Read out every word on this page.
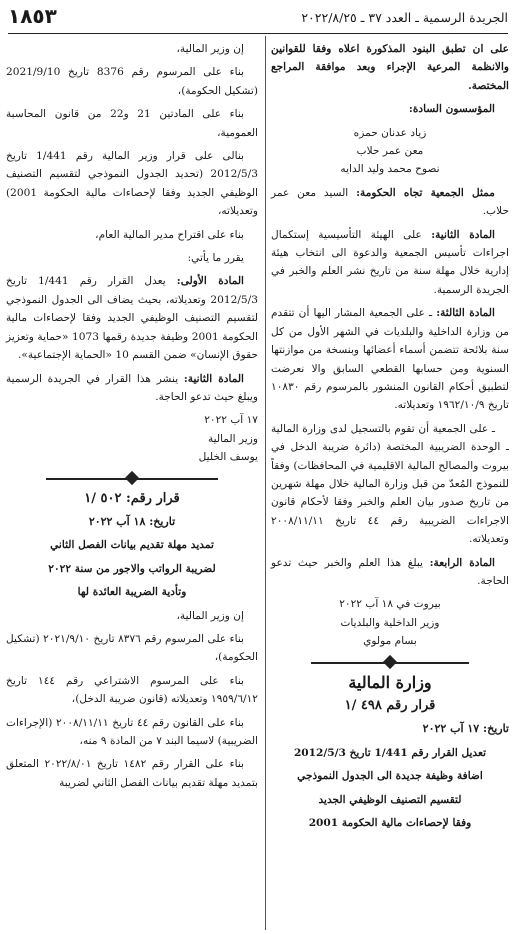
الجريدة الرسمية ـ العدد ٣٧ ـ ٢٠٢٢/٨/٢٥
١٨٥٣

على ان تطبق البنود المذكورة اعلاه وفقا للقوانين والانظمة المرعية الإجراء وبعد موافقة المراجع المختصة.

المؤسسون السادة:

زياد عدنان حمزه

معن عمر حلاب

نصوح محمد وليد الدايه

ممثل الجمعية تجاه الحكومة: السيد معن عمر حلاب.

المادة الثانية: على الهيئة التأسيسية إستكمال اجراءات تأسيس الجمعية والدعوة الى انتخاب هيئة إدارية خلال مهلة سنة من تاريخ نشر العلم والخبر في الجريدة الرسمية.

المادة الثالثة: ـ على الجمعية المشار اليها أن تتقدم من وزارة الداخلية والبلديات في الشهر الأول من كل سنة بلائحة تتضمن أسماء أعضائها وبنسخة من موازنتها السنوية ومن حسابها القطعي السابق والا نعرضت لتطبيق أحكام القانون المنشور بالمرسوم رقم ١٠٨٣٠ تاريخ ١٩٦٢/١٠/٩ وتعديلاته.

ـ على الجمعية أن تقوم بالتسجيل لدى وزارة المالية ـ الوحدة الضريبية المختصة (دائرة ضريبة الدخل في بيروت والمصالح المالية الاقليمية في المحافظات) وفقاً للنموذج المُعدّ من قبل وزارة المالية خلال مهلة شهرين من تاريخ صدور بيان العلم والخبر وفقا لأحكام قانون الاجراءات الضريبية رقم ٤٤ تاريخ ٢٠٠٨/١١/١١ وتعديلاته.

المادة الرابعة: يبلغ هذا العلم والخبر حيث تدعو الحاجة.

بيروت في ١٨ آب ٢٠٢٢

وزير الداخلية والبلديات

بسام مولوي

وزارة المالية

قرار رقم ٤٩٨ /١

تاريخ: ١٧ آب ٢٠٢٢

تعديل القرار رقم 1/441 تاريخ 2012/5/3

اضافة وظيفة جديدة الى الجدول النموذجي

لتقسيم التصنيف الوظيفي الجديد

وفقا لإحصاءات مالية الحكومة 2001

إن وزير المالية،

بناء على المرسوم رقم 8376 تاريخ 2021/9/10 (تشكيل الحكومة)،

بناء على المادتين 21 و22 من قانون المحاسبة العمومية،

بنالى على قرار وزير المالية رقم 1/441 تاريخ 2012/5/3 (تحديد الجدول النموذجي لتقسيم التصنيف الوظيفي الجديد وفقا لإحصاءات مالية الحكومة 2001) وتعديلاته،

بناء على اقتراح مدير المالية العام،

يقرر ما يأتي:

المادة الأولى: يعدل القرار رقم 1/441 تاريخ 2012/5/3 وتعديلاته، بحيث يضاف الى الجدول النموذجي لتقسيم التصنيف الوظيفي الجديد وفقا لإحصاءات مالية الحكومة 2001 وظيفة جديدة رقمها 1073 «حماية وتعزيز حقوق الإنسان» ضمن القسم 10 «الحماية الإجتماعية».

المادة الثانية: ينشر هذا القرار في الجريدة الرسمية ويبلغ حيث تدعو الحاجة.

١٧ آب ٢٠٢٢

وزير المالية

يوسف الخليل

قرار رقم: ٥٠٢ /١

تاريخ: ١٨ آب ٢٠٢٢

تمديد مهلة تقديم بيانات الفصل الثاني

لضريبة الرواتب والاجور من سنة ٢٠٢٢

وتأدية الضريبة العائدة لها

إن وزير المالية،

بناء على المرسوم رقم ٨٣٧٦ تاريخ ٢٠٢١/٩/١٠ (تشكيل الحكومة)،

بناء على المرسوم الاشتراعي رقم ١٤٤ تاريخ ١٩٥٩/٦/١٢ وتعديلاته (قانون ضريبة الدخل)،

بناء على القانون رقم ٤٤ تاريخ ٢٠٠٨/١١/١١ (الإجراءات الضريبية) لاسيما البند ٧ من المادة ٩ منه،

بناء على القرار رقم ١٤٨٢ تاريخ ٢٠٢٢/٨/٠١ المتعلق بتمديد مهلة تقديم بيانات الفصل الثاني لضريبة
